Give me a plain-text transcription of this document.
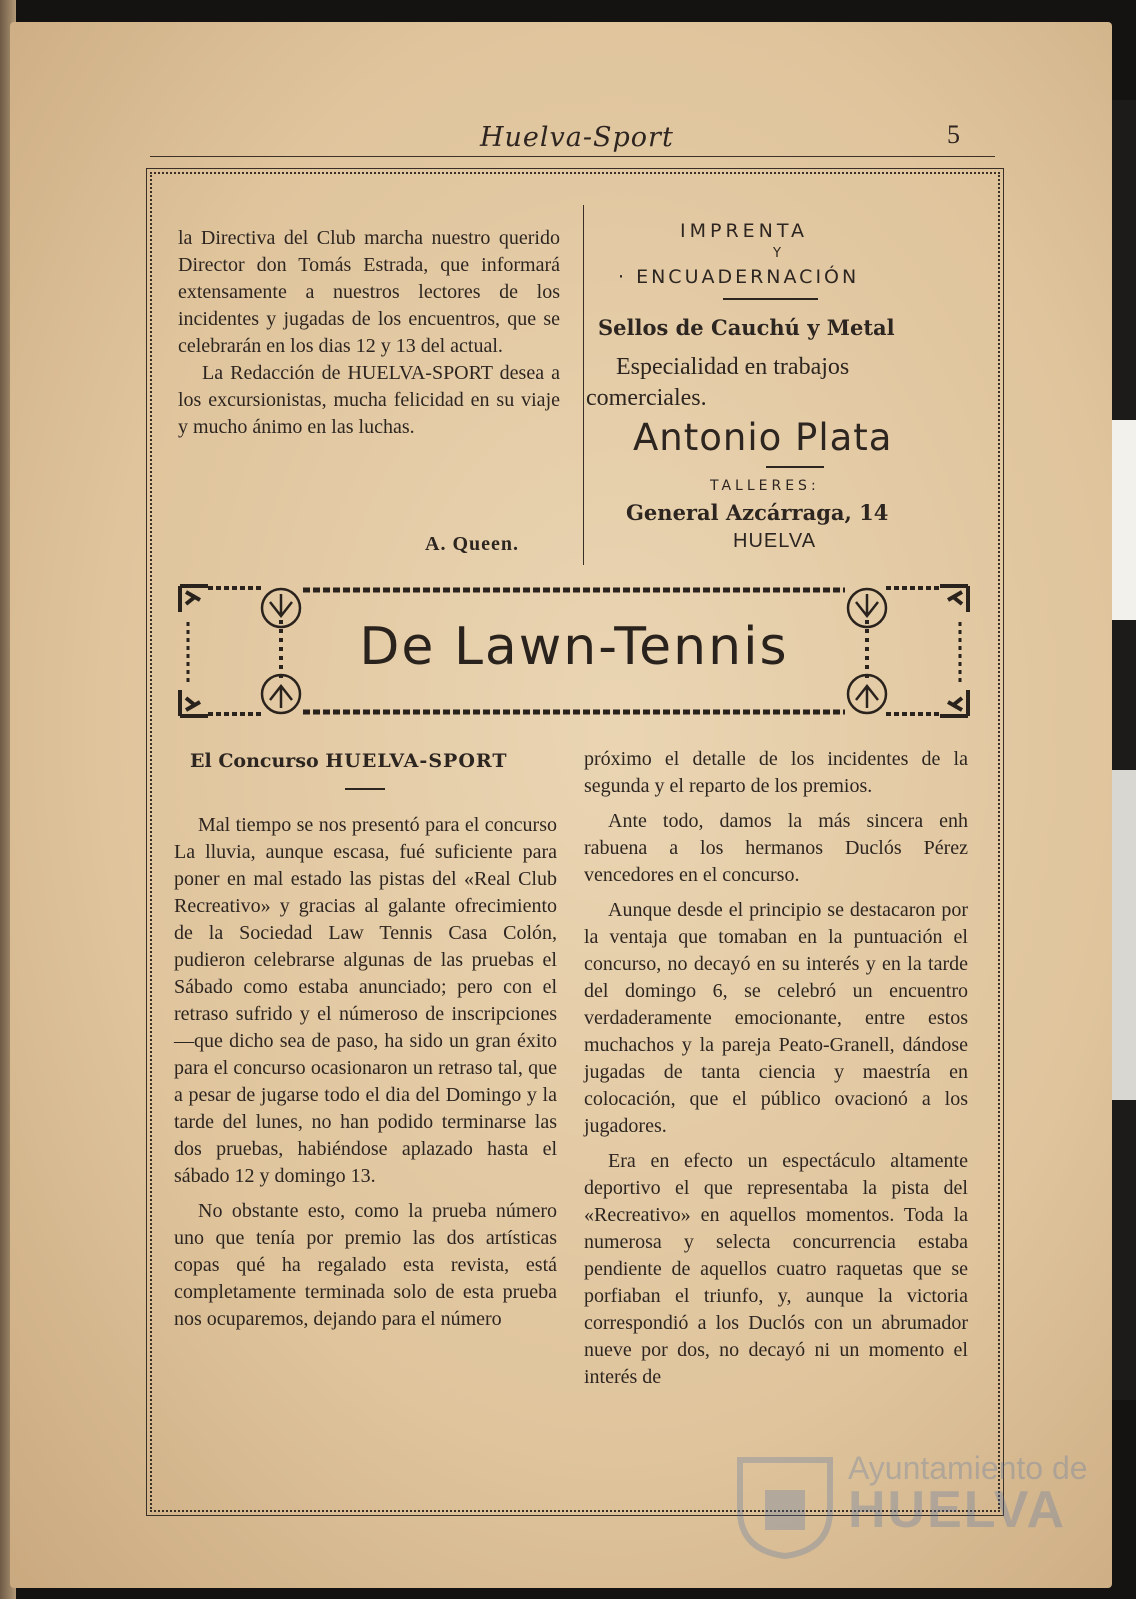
Huelva-Sport	5

la Directiva del Club marcha nuestro querido Director don Tomás Estrada, que informará extensamente a nuestros lectores de los incidentes y jugadas de los encuentros, que se celebrarán en los dias 12 y 13 del actual.

La Redacción de HUELVA-SPORT desea a los excursionistas, mucha felicidad en su viaje y mucho ánimo en las luchas.

A. Queen.
IMPRENTA
Y
· ENCUADERNACIÓN
Sellos de Cauchú y Metal
Especialidad en trabajos comerciales.
Antonio Plata
TALLERES:
General Azcárraga, 14
HUELVA
De Lawn-Tennis
El Concurso HUELVA-SPORT

Mal tiempo se nos presentó para el concurso La lluvia, aunque escasa, fué suficiente para poner en mal estado las pistas del «Real Club Recreativo» y gracias al galante ofrecimiento de la Sociedad Law Tennis Casa Colón, pudieron celebrarse algunas de las pruebas el Sábado como estaba anunciado; pero con el retraso sufrido y el númeroso de inscripciones—que dicho sea de paso, ha sido un gran éxito para el concurso ocasionaron un retraso tal, que a pesar de jugarse todo el dia del Domingo y la tarde del lunes, no han podido terminarse las dos pruebas, habiéndose aplazado hasta el sábado 12 y domingo 13.

No obstante esto, como la prueba número uno que tenía por premio las dos artísticas copas qué ha regalado esta revista, está completamente terminada solo de esta prueba nos ocuparemos, dejando para el número

próximo el detalle de los incidentes de la segunda y el reparto de los premios.

Ante todo, damos la más sincera enh rabuena a los hermanos Duclós Pérez vencedores en el concurso.

Aunque desde el principio se destacaron por la ventaja que tomaban en la puntuación el concurso, no decayó en su interés y en la tarde del domingo 6, se celebró un encuentro verdaderamente emocionante, entre estos muchachos y la pareja Peato-Granell, dándose jugadas de tanta ciencia y maestría en colocación, que el público ovacionó a los jugadores.

Era en efecto un espectáculo altamente deportivo el que representaba la pista del «Recreativo» en aquellos momentos. Toda la numerosa y selecta concurrencia estaba pendiente de aquellos cuatro raquetas que se porfiaban el triunfo, y, aunque la victoria correspondió a los Duclós con un abrumador nueve por dos, no decayó ni un momento el interés de

Ayuntamiento de
HUELVA
